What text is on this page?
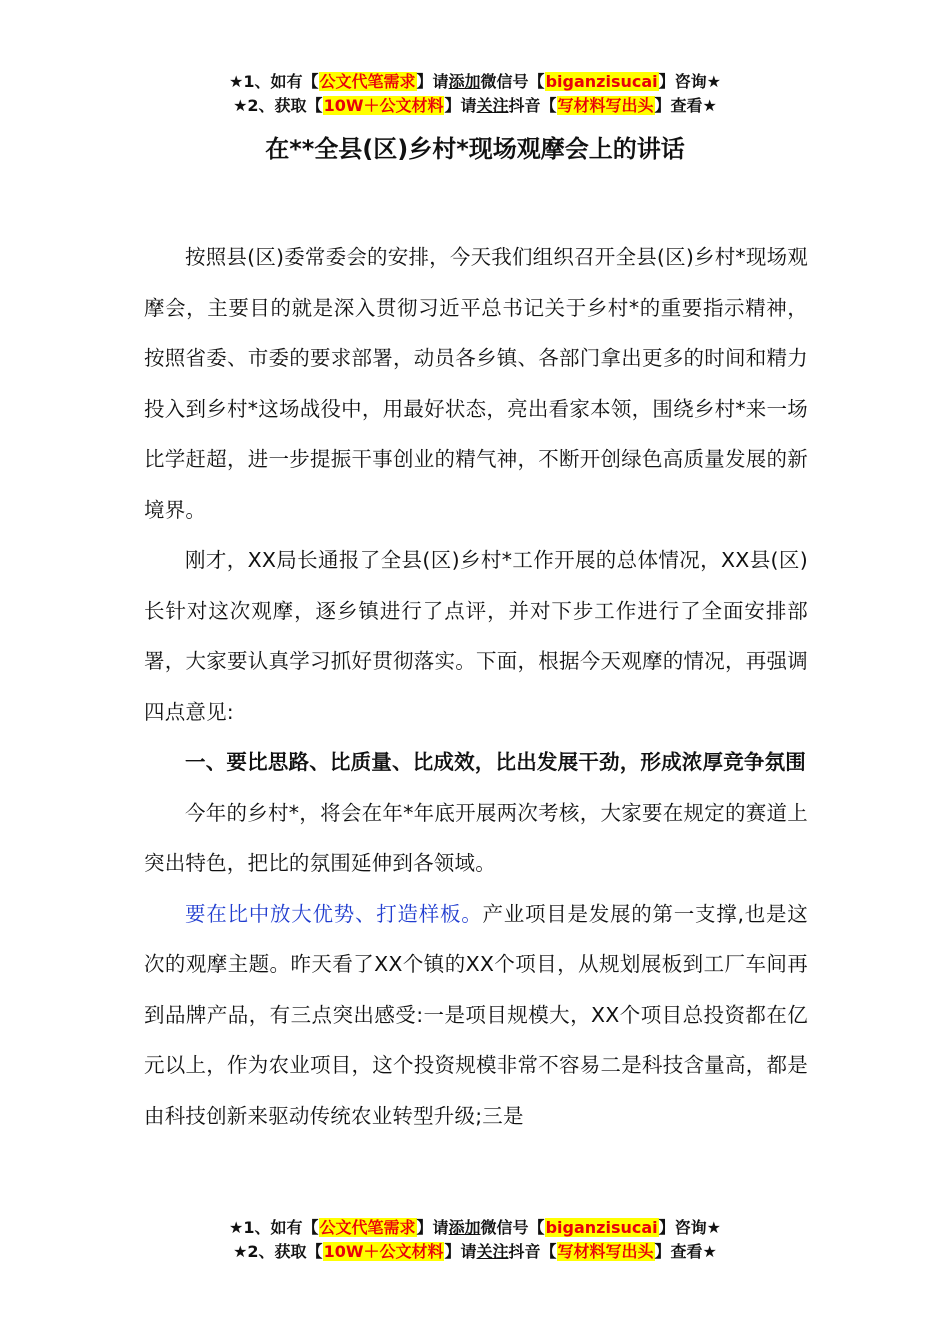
★1、如有【公文代笔需求】请添加微信号【biganzisucai】咨询★
★2、获取【10W＋公文材料】请关注抖音【写材料写出头】查看★
在**全县(区)乡村*现场观摩会上的讲话

按照县(区)委常委会的安排，今天我们组织召开全县(区)乡村*现场观摩会，主要目的就是深入贯彻习近平总书记关于乡村*的重要指示精神，按照省委、市委的要求部署，动员各乡镇、各部门拿出更多的时间和精力投入到乡村*这场战役中，用最好状态，亮出看家本领，围绕乡村*来一场比学赶超，进一步提振干事创业的精气神，不断开创绿色高质量发展的新境界。

刚才，XX局长通报了全县(区)乡村*工作开展的总体情况，XX县(区)长针对这次观摩，逐乡镇进行了点评，并对下步工作进行了全面安排部署，大家要认真学习抓好贯彻落实。下面，根据今天观摩的情况，再强调四点意见:

一、要比思路、比质量、比成效，比出发展干劲，形成浓厚竞争氛围

今年的乡村*，将会在年*年底开展两次考核，大家要在规定的赛道上突出特色，把比的氛围延伸到各领域。

要在比中放大优势、打造样板。产业项目是发展的第一支撑,也是这次的观摩主题。昨天看了XX个镇的XX个项目，从规划展板到工厂车间再到品牌产品，有三点突出感受:一是项目规模大，XX个项目总投资都在亿元以上，作为农业项目，这个投资规模非常不容易二是科技含量高，都是由科技创新来驱动传统农业转型升级;三是

★1、如有【公文代笔需求】请添加微信号【biganzisucai】咨询★
★2、获取【10W＋公文材料】请关注抖音【写材料写出头】查看★
